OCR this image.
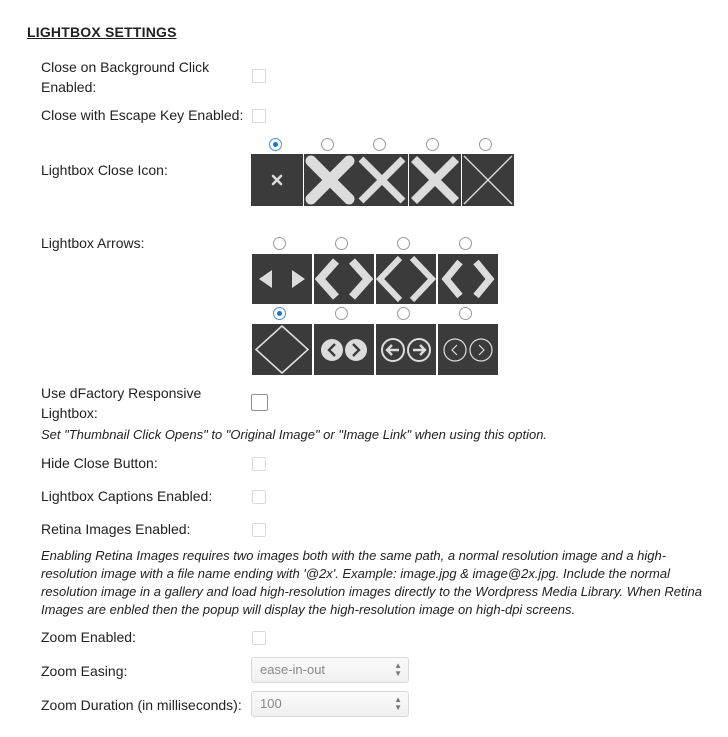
LIGHTBOX SETTINGS
Close on Background Click Enabled:
Close with Escape Key Enabled:
Lightbox Close Icon:
Lightbox Arrows:
Use dFactory Responsive Lightbox:
Set "Thumbnail Click Opens" to "Original Image" or "Image Link" when using this option.
Hide Close Button:
Lightbox Captions Enabled:
Retina Images Enabled:
Enabling Retina Images requires two images both with the same path, a normal resolution image and a high-resolution image with a file name ending with '@2x'. Example: image.jpg & image@2x.jpg. Include the normal resolution image in a gallery and load high-resolution images directly to the Wordpress Media Library. When Retina Images are enbled then the popup will display the high-resolution image on high-dpi screens.
Zoom Enabled:
Zoom Easing:	ease-in-out	▲
▼
Zoom Duration (in milliseconds):	100	▲
▼
